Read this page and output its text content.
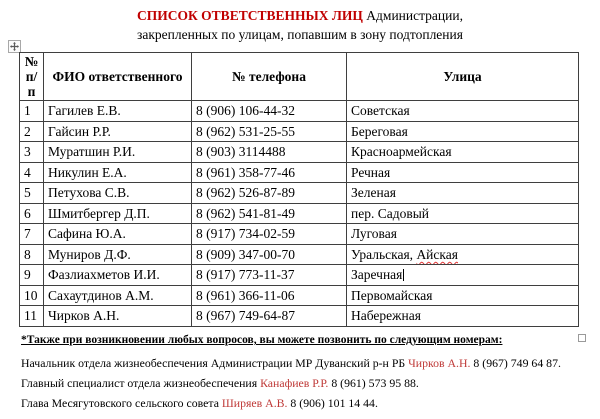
СПИСОК ОТВЕТСТВЕННЫХ ЛИЦ Администрации,
закрепленных по улицам, попавшим в зону подтопления
№ п/п	ФИО ответственного	№ телефона	Улица
1	Гагилев Е.В.	8 (906) 106-44-32	Советская
2	Гайсин Р.Р.	8 (962) 531-25-55	Береговая
3	Муратшин Р.И.	8 (903) 3114488	Красноармейская
4	Никулин Е.А.	8 (961) 358-77-46	Речная
5	Петухова С.В.	8 (962) 526-87-89	Зеленая
6	Шмитбергер Д.П.	8 (962) 541-81-49	пер. Садовый
7	Сафина Ю.А.	8 (917) 734-02-59	Луговая
8	Муниров Д.Ф.	8 (909) 347-00-70	Уральская, Айская
9	Фазлиахметов И.И.	8 (917) 773-11-37	Заречная
10	Сахаутдинов А.М.	8 (961) 366-11-06	Первомайская
11	Чирков А.Н.	8 (967) 749-64-87	Набережная
*Также при возникновении любых вопросов, вы можете позвонить по следующим номерам:
Начальник отдела жизнеобеспечения Администрации МР Дуванский р-н РБ Чирков А.Н. 8 (967) 749 64 87.
Главный специалист отдела жизнеобеспечения Канафиев Р.Р. 8 (961) 573 95 88.
Глава Месягутовского сельского совета Ширяев А.В. 8 (906) 101 14 44.
